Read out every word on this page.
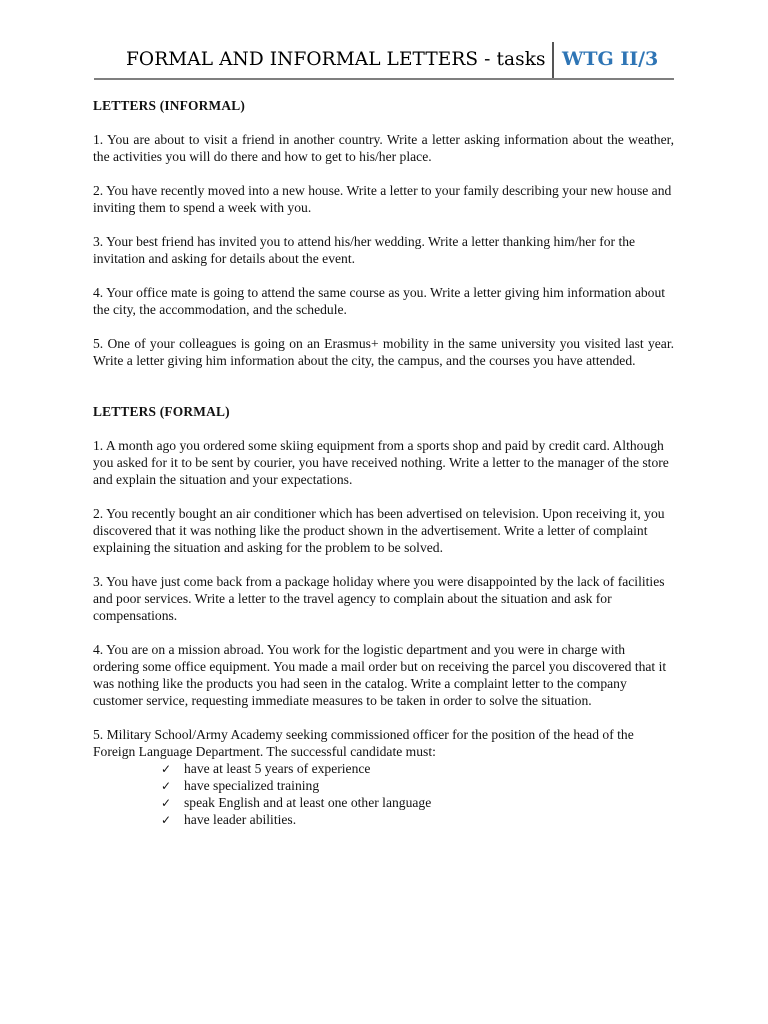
FORMAL AND INFORMAL LETTERS - tasks WTG II/3
LETTERS (INFORMAL)

1. You are about to visit a friend in another country. Write a letter asking information about the weather, the activities you will do there and how to get to his/her place.

2. You have recently moved into a new house. Write a letter to your family describing your new house and inviting them to spend a week with you.

3. Your best friend has invited you to attend his/her wedding. Write a letter thanking him/her for the invitation and asking for details about the event.

4. Your office mate is going to attend the same course as you. Write a letter giving him information about the city, the accommodation, and the schedule.

5. One of your colleagues is going on an Erasmus+ mobility in the same university you visited last year. Write a letter giving him information about the city, the campus, and the courses you have attended.

LETTERS (FORMAL)

1. A month ago you ordered some skiing equipment from a sports shop and paid by credit card. Although you asked for it to be sent by courier, you have received nothing. Write a letter to the manager of the store and explain the situation and your expectations.

2. You recently bought an air conditioner which has been advertised on television. Upon receiving it, you discovered that it was nothing like the product shown in the advertisement. Write a letter of complaint explaining the situation and asking for the problem to be solved.

3. You have just come back from a package holiday where you were disappointed by the lack of facilities and poor services. Write a letter to the travel agency to complain about the situation and ask for compensations.

4. You are on a mission abroad. You work for the logistic department and you were in charge with ordering some office equipment. You made a mail order but on receiving the parcel you discovered that it was nothing like the products you had seen in the catalog. Write a complaint letter to the company customer service, requesting immediate measures to be taken in order to solve the situation.

5. Military School/Army Academy seeking commissioned officer for the position of the head of the Foreign Language Department. The successful candidate must:

✓ have at least 5 years of experience
✓ have specialized training
✓ speak English and at least one other language
✓ have leader abilities.
